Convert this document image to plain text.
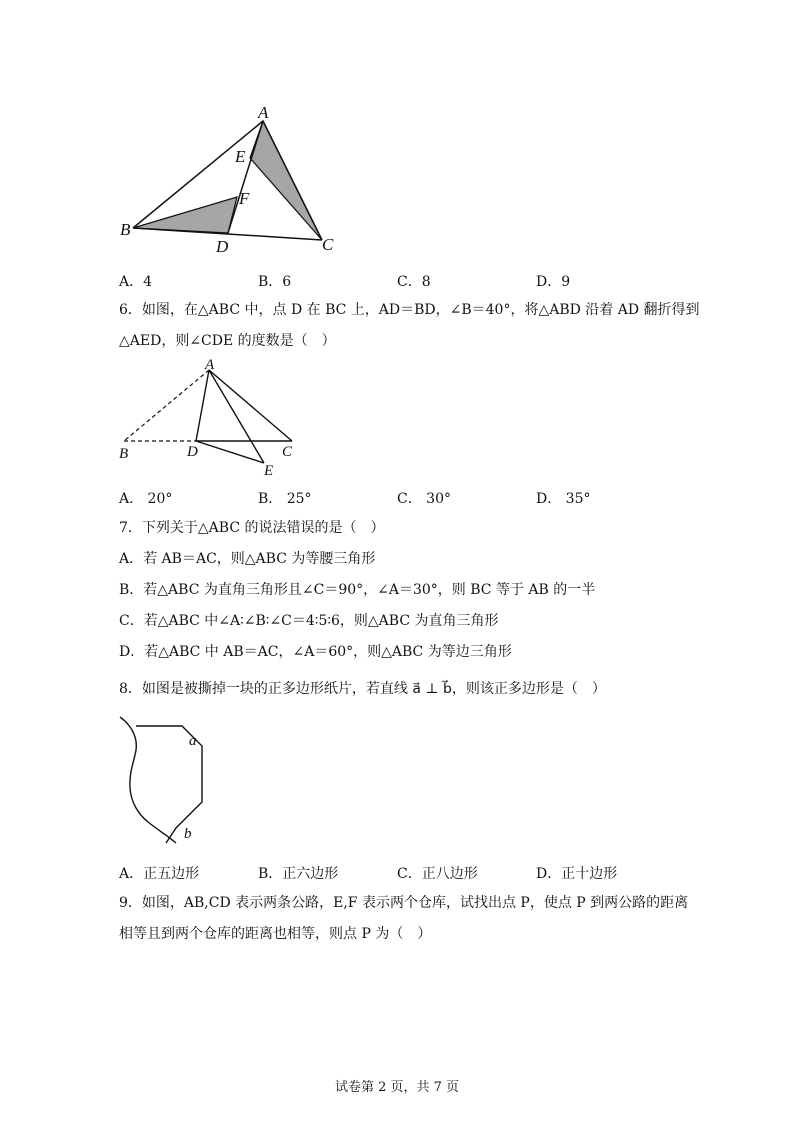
A
E
F
B
D	C
A．4	B．6	C．8	D．9
6．如图，在△ABC 中，点 D 在 BC 上，AD＝BD，∠B＝40°，将△ABD 沿着 AD 翻折得到
△AED，则∠CDE 的度数是（　）
A
B	D	C
E
A． 20°	B． 25°	C． 30°	D． 35°
7．下列关于△ABC 的说法错误的是（　）
A．若 AB＝AC，则△ABC 为等腰三角形
B．若△ABC 为直角三角形且∠C＝90°，∠A＝30°，则 BC 等于 AB 的一半
C．若△ABC 中∠A∶∠B∶∠C＝4∶5∶6，则△ABC 为直角三角形
D．若△ABC 中 AB＝AC，∠A＝60°，则△ABC 为等边三角形
8．如图是被撕掉一块的正多边形纸片，若直线 a⃗ ⊥ b⃗，则该正多边形是（　）
a
b
A．正五边形	B．正六边形	C．正八边形	D．正十边形
9．如图，AB,CD 表示两条公路，E,F 表示两个仓库，试找出点 P，使点 P 到两公路的距离
相等且到两个仓库的距离也相等，则点 P 为（　）
试卷第 2 页，共 7 页
